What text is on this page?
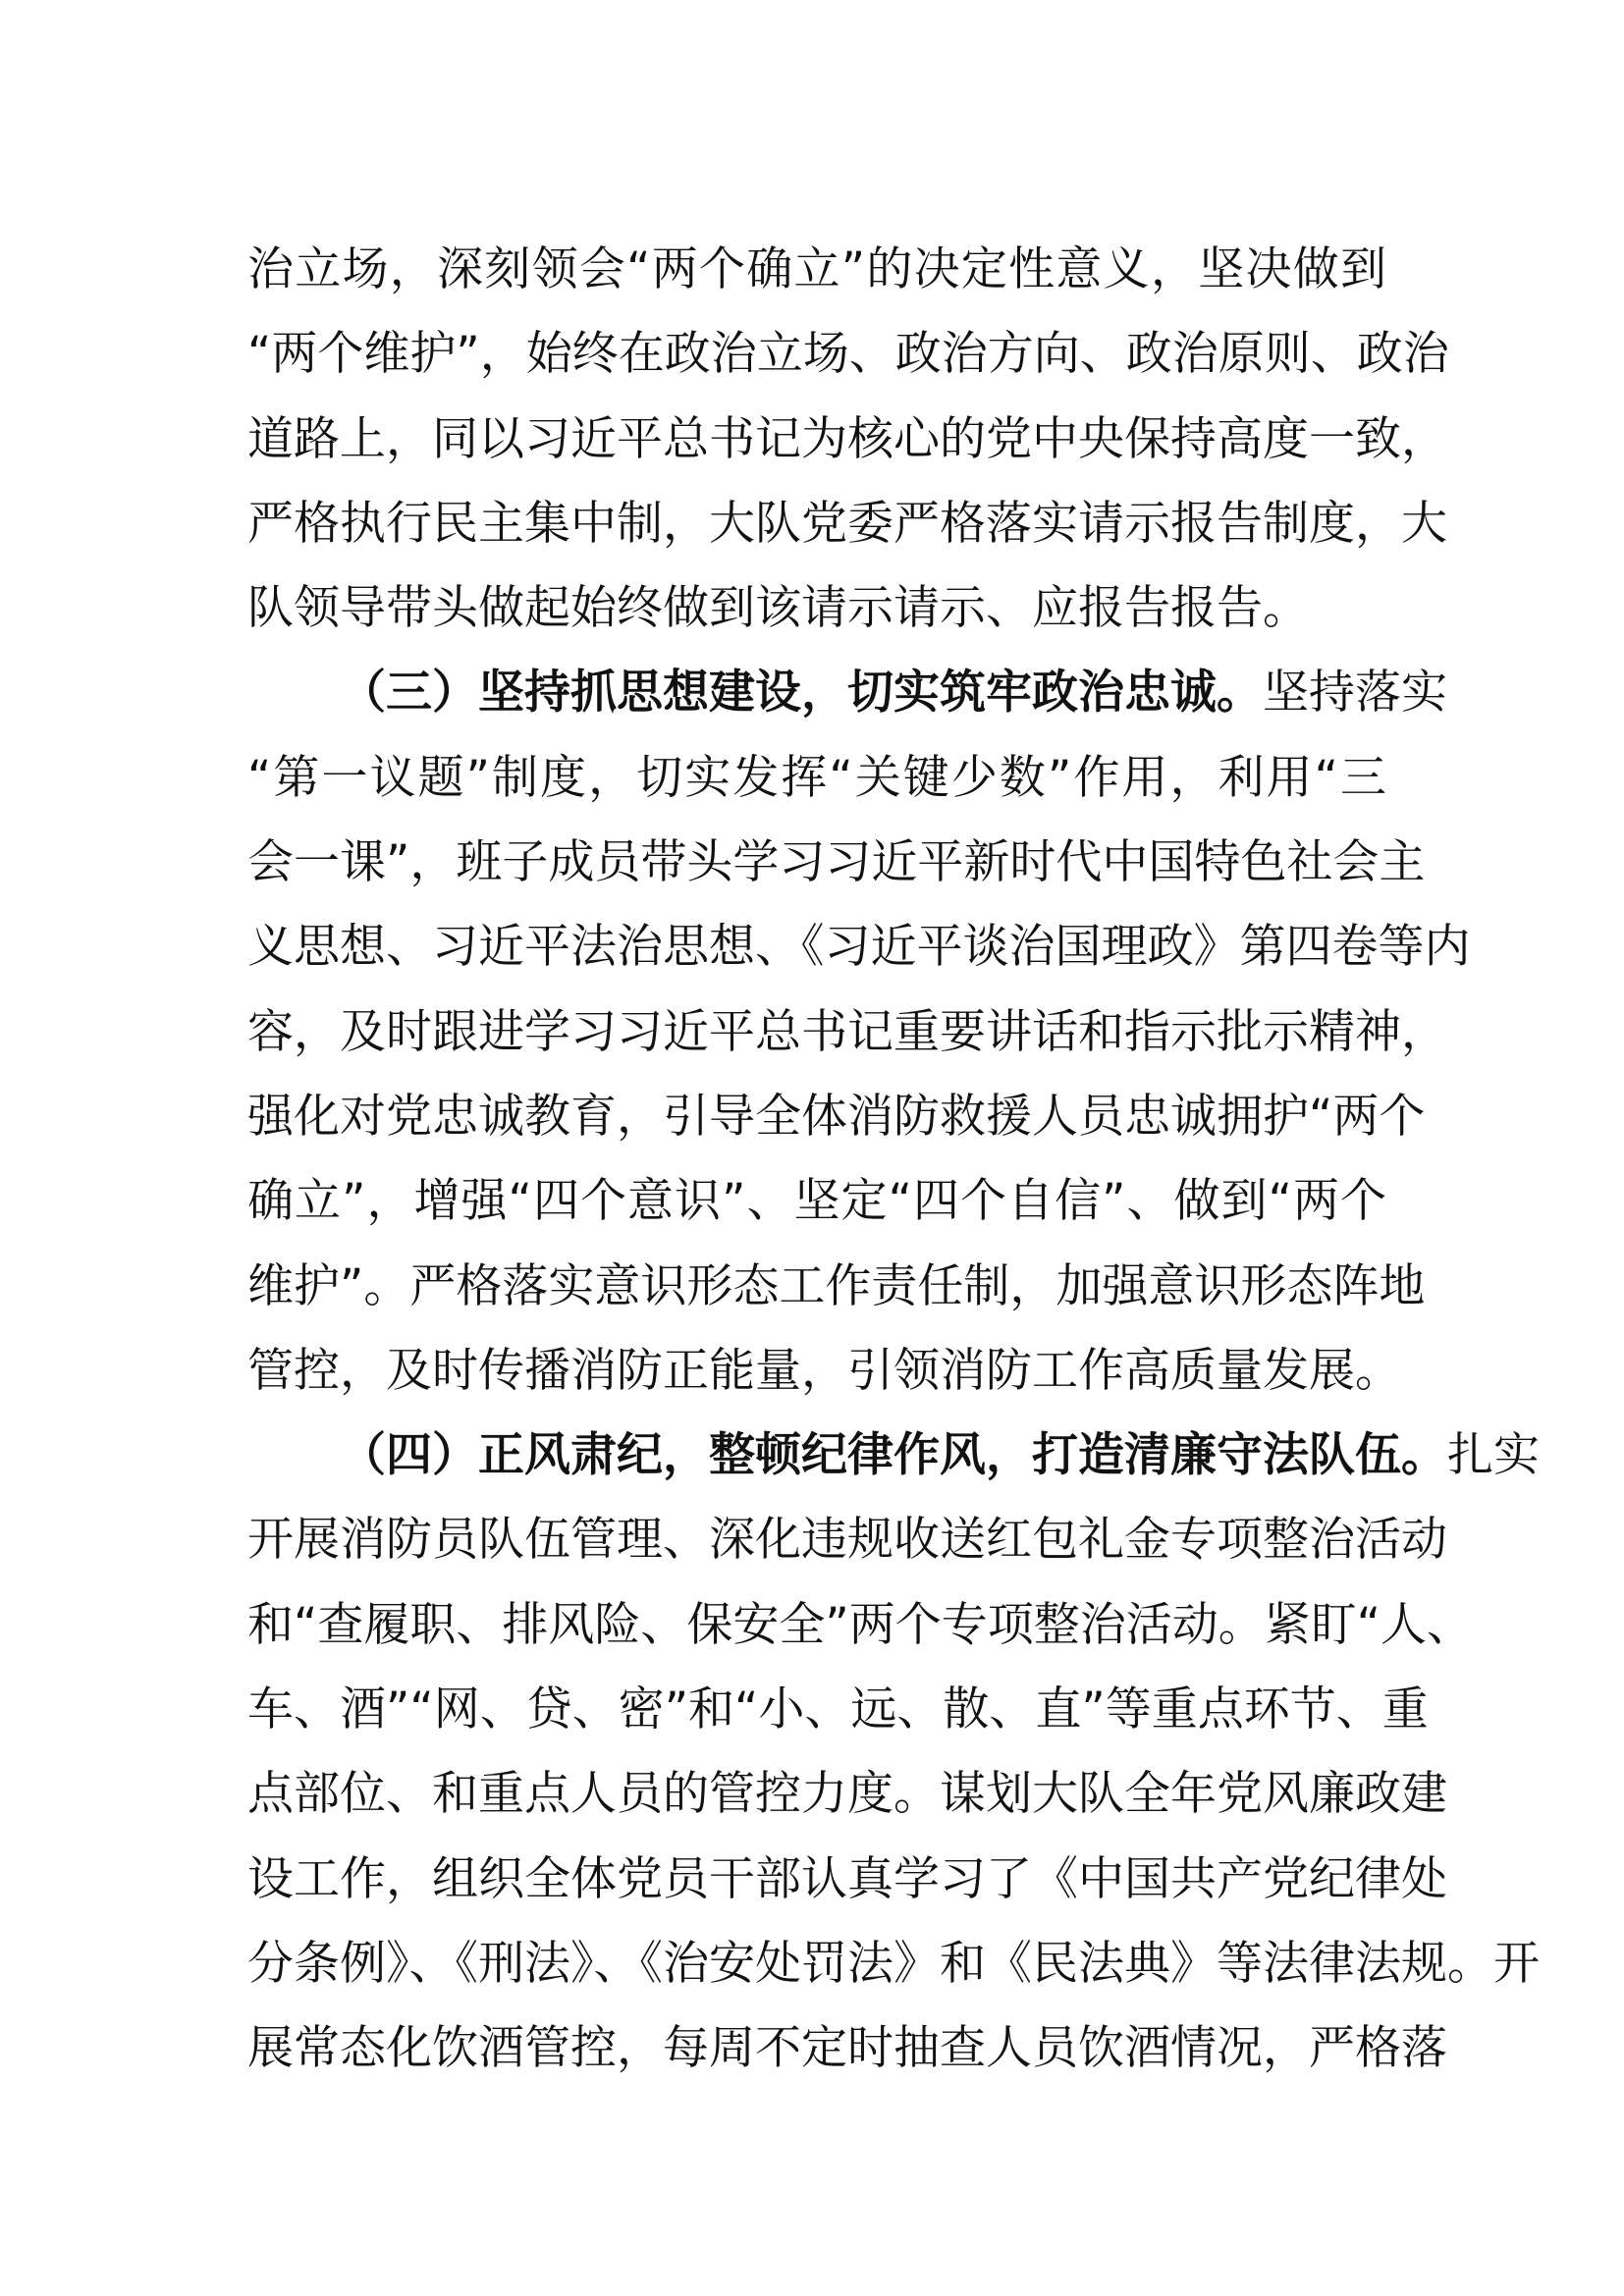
治立场，深刻领会“两个确立”的决定性意义，坚决做到
“两个维护”，始终在政治立场、政治方向、政治原则、政治
道路上，同以习近平总书记为核心的党中央保持高度一致，
严格执行民主集中制，大队党委严格落实请示报告制度，大
队领导带头做起始终做到该请示请示、应报告报告。
（三）坚持抓思想建设，切实筑牢政治忠诚。坚持落实
“第一议题”制度，切实发挥“关键少数”作用，利用“三
会一课”，班子成员带头学习习近平新时代中国特色社会主
义思想、习近平法治思想、《习近平谈治国理政》第四卷等内
容，及时跟进学习习近平总书记重要讲话和指示批示精神，
强化对党忠诚教育，引导全体消防救援人员忠诚拥护“两个
确立”，增强“四个意识”、坚定“四个自信”、做到“两个
维护”。严格落实意识形态工作责任制，加强意识形态阵地
管控，及时传播消防正能量，引领消防工作高质量发展。
（四）正风肃纪，整顿纪律作风，打造清廉守法队伍。扎实
开展消防员队伍管理、深化违规收送红包礼金专项整治活动
和“查履职、排风险、保安全”两个专项整治活动。紧盯“人、
车、酒”“网、贷、密”和“小、远、散、直”等重点环节、重
点部位、和重点人员的管控力度。谋划大队全年党风廉政建
设工作，组织全体党员干部认真学习了《中国共产党纪律处
分条例》、《刑法》、《治安处罚法》和《民法典》等法律法规。开
展常态化饮酒管控，每周不定时抽查人员饮酒情况，严格落
